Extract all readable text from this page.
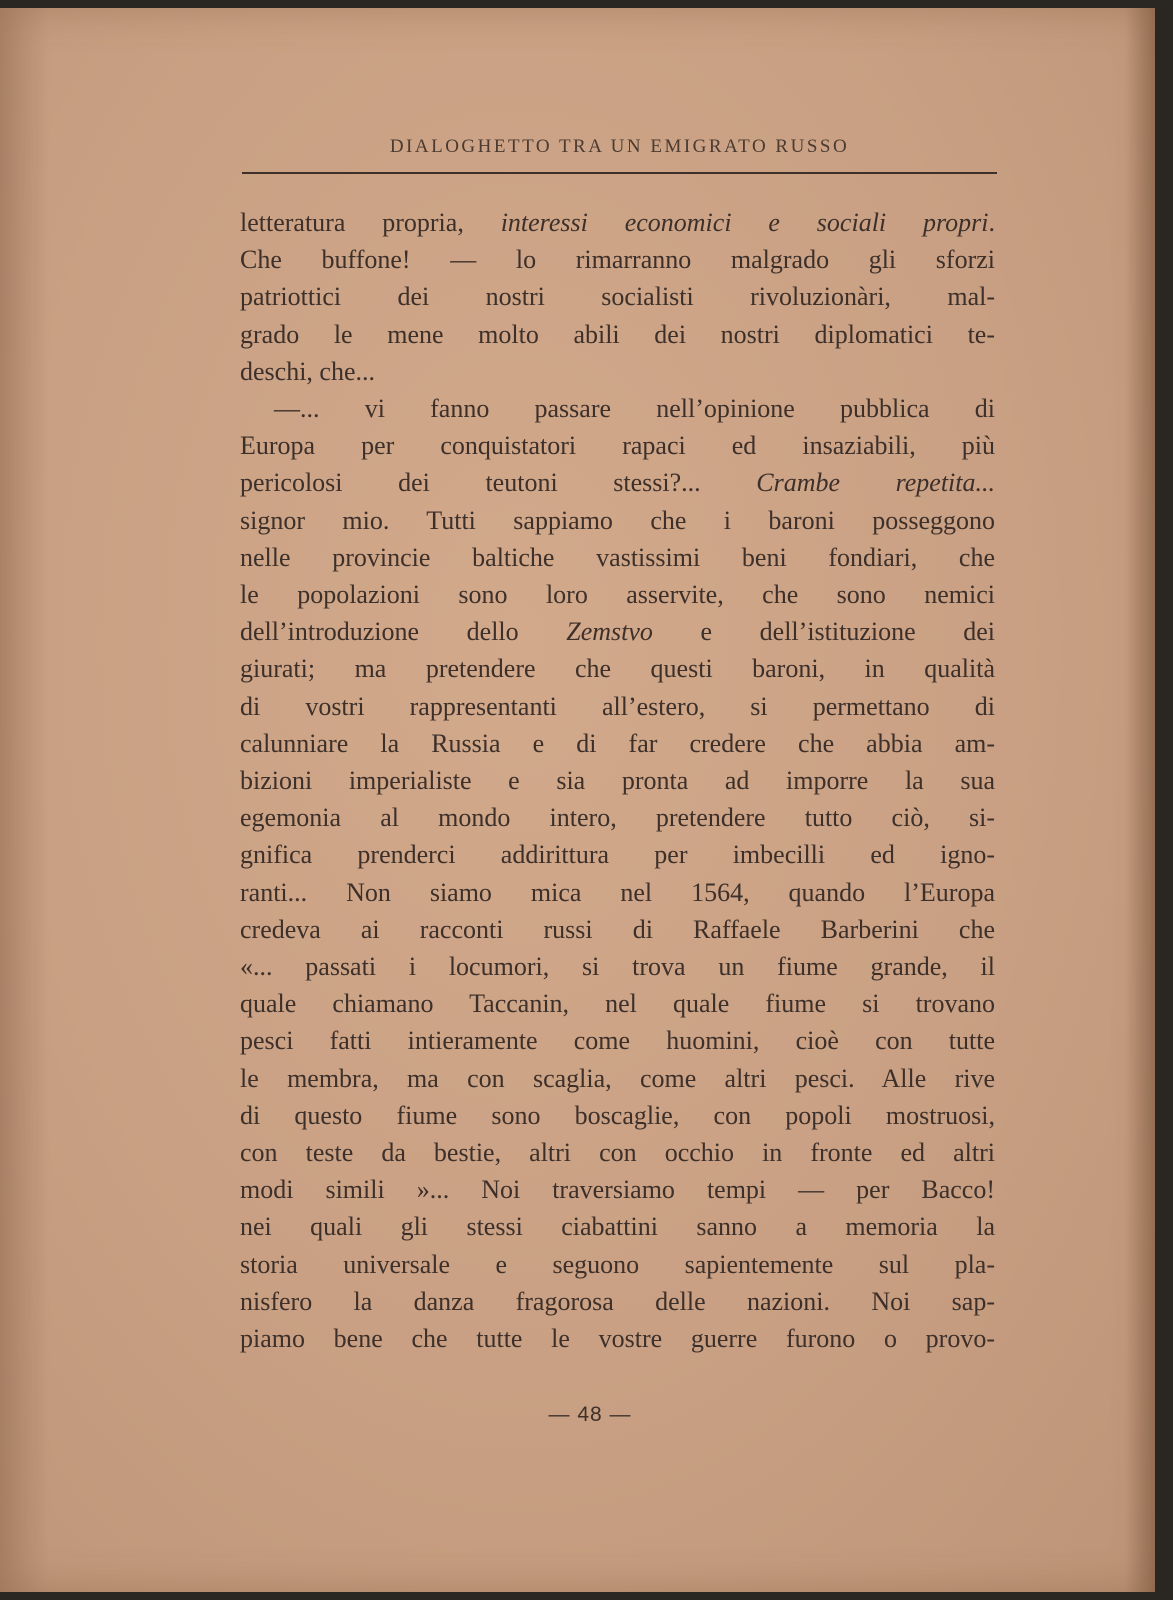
DIALOGHETTO TRA UN EMIGRATO RUSSO
letteratura propria, interessi economici e sociali propri.
Che buffone! — lo rimarranno malgrado gli sforzi
patriottici dei nostri socialisti rivoluzionàri, mal-
grado le mene molto abili dei nostri diplomatici te-
deschi, che...
—... vi fanno passare nell’opinione pubblica di
Europa per conquistatori rapaci ed insaziabili, più
pericolosi dei teutoni stessi?... Crambe repetita...
signor mio. Tutti sappiamo che i baroni posseggono
nelle provincie baltiche vastissimi beni fondiari, che
le popolazioni sono loro asservite, che sono nemici
dell’introduzione dello Zemstvo e dell’istituzione dei
giurati; ma pretendere che questi baroni, in qualità
di vostri rappresentanti all’estero, si permettano di
calunniare la Russia e di far credere che abbia am-
bizioni imperialiste e sia pronta ad imporre la sua
egemonia al mondo intero, pretendere tutto ciò, si-
gnifica prenderci addirittura per imbecilli ed igno-
ranti... Non siamo mica nel 1564, quando l’Europa
credeva ai racconti russi di Raffaele Barberini che
«... passati i locumori, si trova un fiume grande, il
quale chiamano Taccanin, nel quale fiume si trovano
pesci fatti intieramente come huomini, cioè con tutte
le membra, ma con scaglia, come altri pesci. Alle rive
di questo fiume sono boscaglie, con popoli mostruosi,
con teste da bestie, altri con occhio in fronte ed altri
modi simili »... Noi traversiamo tempi — per Bacco!
nei quali gli stessi ciabattini sanno a memoria la
storia universale e seguono sapientemente sul pla-
nisfero la danza fragorosa delle nazioni. Noi sap-
piamo bene che tutte le vostre guerre furono o provo-
— 48 —
